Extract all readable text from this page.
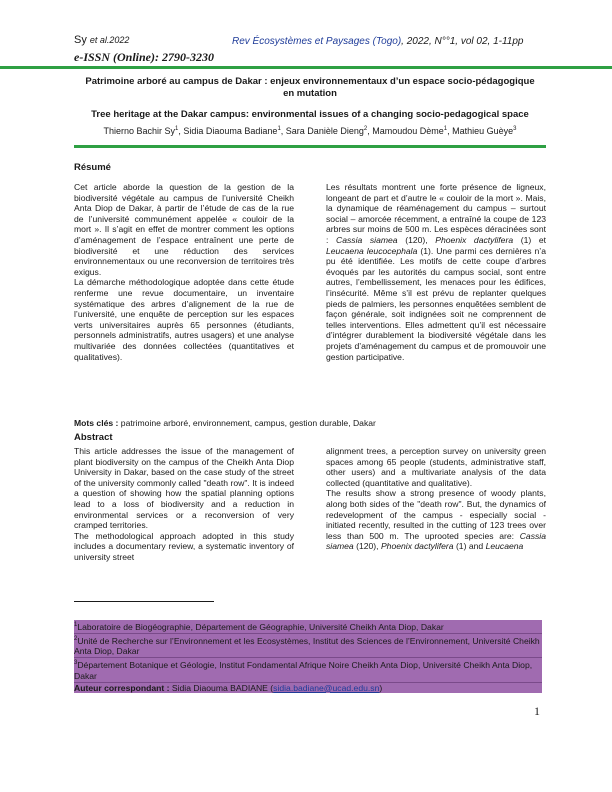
Sy et al.2022	Rev Écosystèmes et Paysages (Togo), 2022, N°°1, vol 02, 1-11pp
e-ISSN (Online): 2790-3230
Patrimoine arboré au campus de Dakar : enjeux environnementaux d’un espace socio-pédagogique en mutation
Tree heritage at the Dakar campus: environmental issues of a changing socio-pedagogical space
Thierno Bachir Sy$^1$, Sidia Diaouma Badiane$^1$, Sara Danièle Dieng$^2$, Mamoudou Dème$^1$, Mathieu Guèye$^3$
Résumé

Cet article aborde la question de la gestion de la biodiversité végétale au campus de l’université Cheikh Anta Diop de Dakar, à partir de l’étude de cas de la rue de l’université communément appelée « couloir de la mort ». Il s’agit en effet de montrer comment les options d’aménagement de l’espace entraînent une perte de biodiversité et une réduction des services environnementaux ou une reconversion de territoires très exigus.

La démarche méthodologique adoptée dans cette étude renferme une revue documentaire, un inventaire systématique des arbres d’alignement de la rue de l’université, une enquête de perception sur les espaces verts universitaires auprès 65 personnes (étudiants, personnels administratifs, autres usagers) et une analyse multivariée des données collectées (quantitatives et qualitatives).

Les résultats montrent une forte présence de ligneux, longeant de part et d’autre le « couloir de la mort ». Mais, la dynamique de réaménagement du campus – surtout social – amorcée récemment, a entraîné la coupe de 123 arbres sur moins de 500 m. Les espèces déracinées sont : Cassia siamea (120), Phoenix dactylifera (1) et Leucaena leucocephala (1). Une parmi ces dernières n’a pu été identifiée. Les motifs de cette coupe d’arbres évoqués par les autorités du campus social, sont entre autres, l’embellissement, les menaces pour les édifices, l’insécurité. Même s’il est prévu de replanter quelques pieds de palmiers, les personnes enquêtées semblent de façon générale, soit indignées soit ne comprennent de telles interventions. Elles admettent qu’il est nécessaire d’intégrer durablement la biodiversité végétale dans les projets d’aménagement du campus et de promouvoir une gestion participative.

Mots clés : patrimoine arboré, environnement, campus, gestion durable, Dakar
Abstract

This article addresses the issue of the management of plant biodiversity on the campus of the Cheikh Anta Diop University in Dakar, based on the case study of the street of the university commonly called "death row". It is indeed a question of showing how the spatial planning options lead to a loss of biodiversity and a reduction in environmental services or a reconversion of very cramped territories.

The methodological approach adopted in this study includes a documentary review, a systematic inventory of university street

alignment trees, a perception survey on university green spaces among 65 people (students, administrative staff, other users) and a multivariate analysis of the data collected (quantitative and qualitative).

The results show a strong presence of woody plants, along both sides of the "death row". But, the dynamics of redevelopment of the campus - especially social - initiated recently, resulted in the cutting of 123 trees over less than 500 m. The uprooted species are: Cassia siamea (120), Phoenix dactylifera (1) and Leucaena

$^1$Laboratoire de Biogéographie, Département de Géographie, Université Cheikh Anta Diop, Dakar
$^2$Unité de Recherche sur l’Environnement et les Ecosystèmes, Institut des Sciences de l’Environnement, Université Cheikh Anta Diop, Dakar
$^3$Département Botanique et Géologie, Institut Fondamental Afrique Noire Cheikh Anta Diop, Université Cheikh Anta Diop, Dakar
Auteur correspondant : Sidia Diaouma BADIANE (sidia.badiane@ucad.edu.sn)
1
